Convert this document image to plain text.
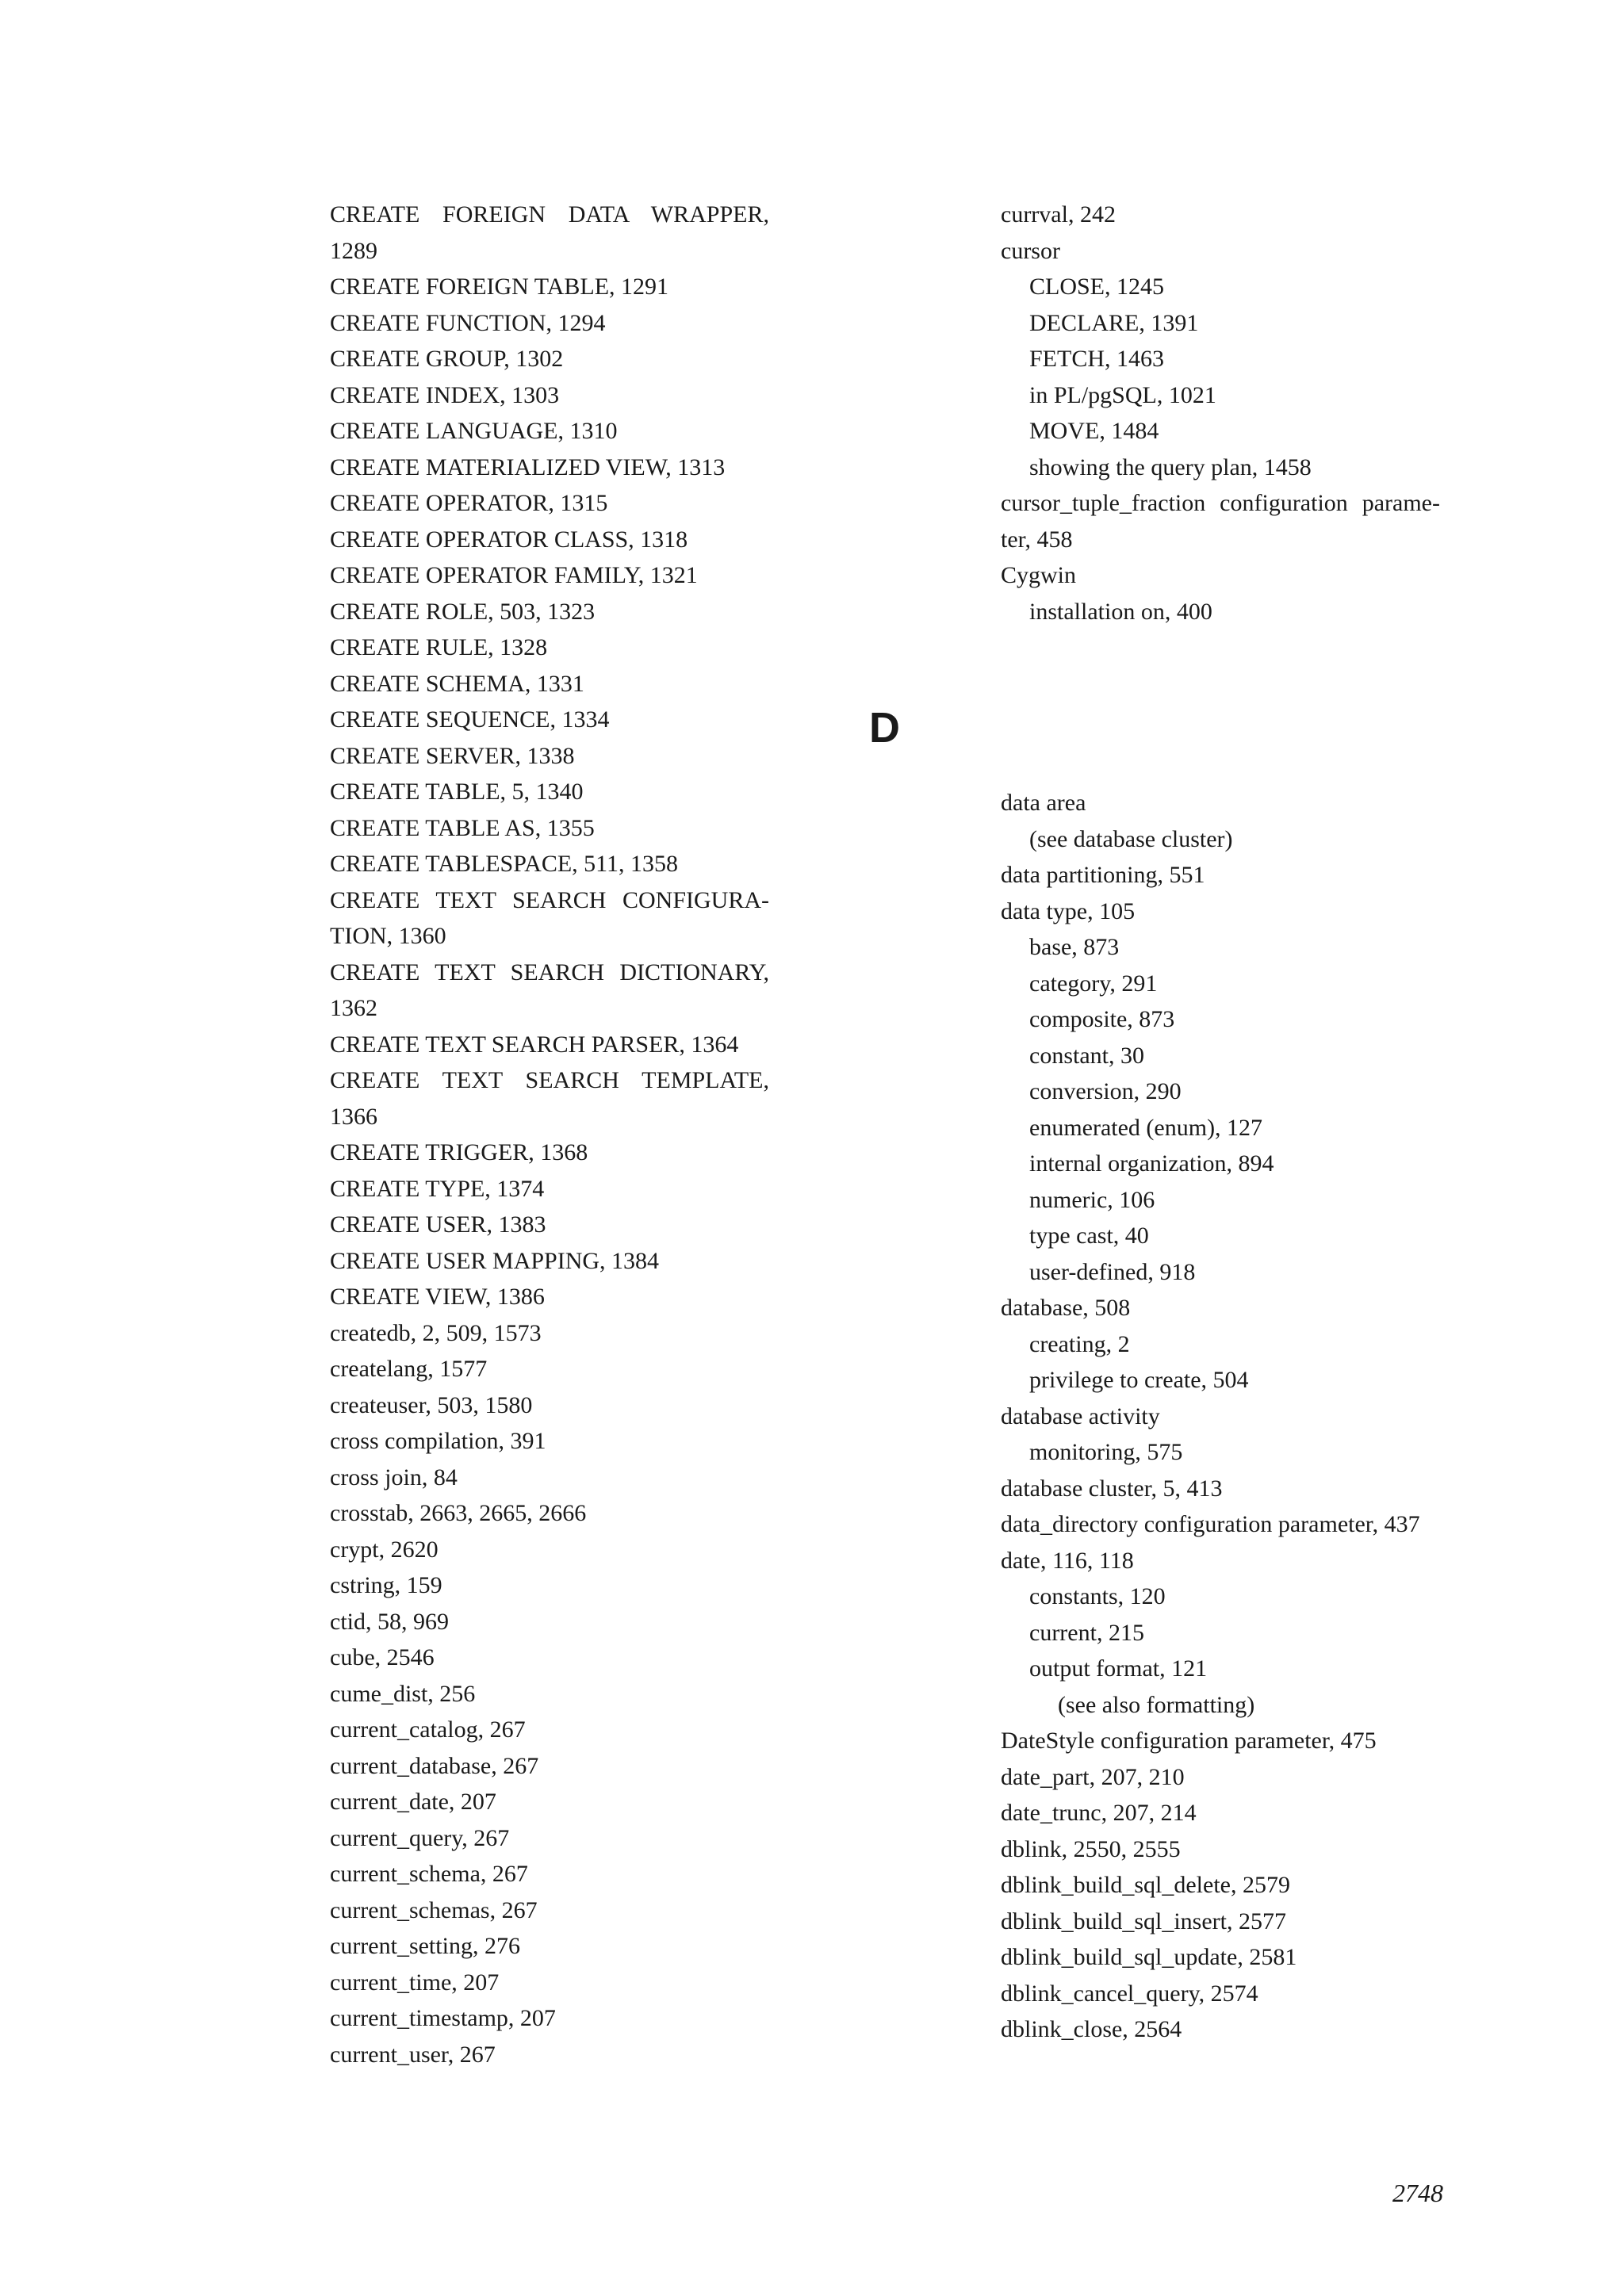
CREATE FOREIGN DATA WRAPPER, 1289

CREATE FOREIGN TABLE, 1291

CREATE FUNCTION, 1294

CREATE GROUP, 1302

CREATE INDEX, 1303

CREATE LANGUAGE, 1310

CREATE MATERIALIZED VIEW, 1313

CREATE OPERATOR, 1315

CREATE OPERATOR CLASS, 1318

CREATE OPERATOR FAMILY, 1321

CREATE ROLE, 503, 1323

CREATE RULE, 1328

CREATE SCHEMA, 1331

CREATE SEQUENCE, 1334

CREATE SERVER, 1338

CREATE TABLE, 5, 1340

CREATE TABLE AS, 1355

CREATE TABLESPACE, 511, 1358

CREATE TEXT SEARCH CONFIGURA-TION, 1360

CREATE TEXT SEARCH DICTIONARY, 1362

CREATE TEXT SEARCH PARSER, 1364

CREATE TEXT SEARCH TEMPLATE, 1366

CREATE TRIGGER, 1368

CREATE TYPE, 1374

CREATE USER, 1383

CREATE USER MAPPING, 1384

CREATE VIEW, 1386

createdb, 2, 509, 1573

createlang, 1577

createuser, 503, 1580

cross compilation, 391

cross join, 84

crosstab, 2663, 2665, 2666

crypt, 2620

cstring, 159

ctid, 58, 969

cube, 2546

cume_dist, 256

current_catalog, 267

current_database, 267

current_date, 207

current_query, 267

current_schema, 267

current_schemas, 267

current_setting, 276

current_time, 207

current_timestamp, 207

current_user, 267

currval, 242

cursor

CLOSE, 1245

DECLARE, 1391

FETCH, 1463

in PL/pgSQL, 1021

MOVE, 1484

showing the query plan, 1458

cursor_tuple_fraction configuration parame-ter, 458

Cygwin

installation on, 400

D

data area

(see database cluster)

data partitioning, 551

data type, 105

base, 873

category, 291

composite, 873

constant, 30

conversion, 290

enumerated (enum), 127

internal organization, 894

numeric, 106

type cast, 40

user-defined, 918

database, 508

creating, 2

privilege to create, 504

database activity

monitoring, 575

database cluster, 5, 413

data_directory configuration parameter, 437

date, 116, 118

constants, 120

current, 215

output format, 121

(see also formatting)

DateStyle configuration parameter, 475

date_part, 207, 210

date_trunc, 207, 214

dblink, 2550, 2555

dblink_build_sql_delete, 2579

dblink_build_sql_insert, 2577

dblink_build_sql_update, 2581

dblink_cancel_query, 2574

dblink_close, 2564

2748
